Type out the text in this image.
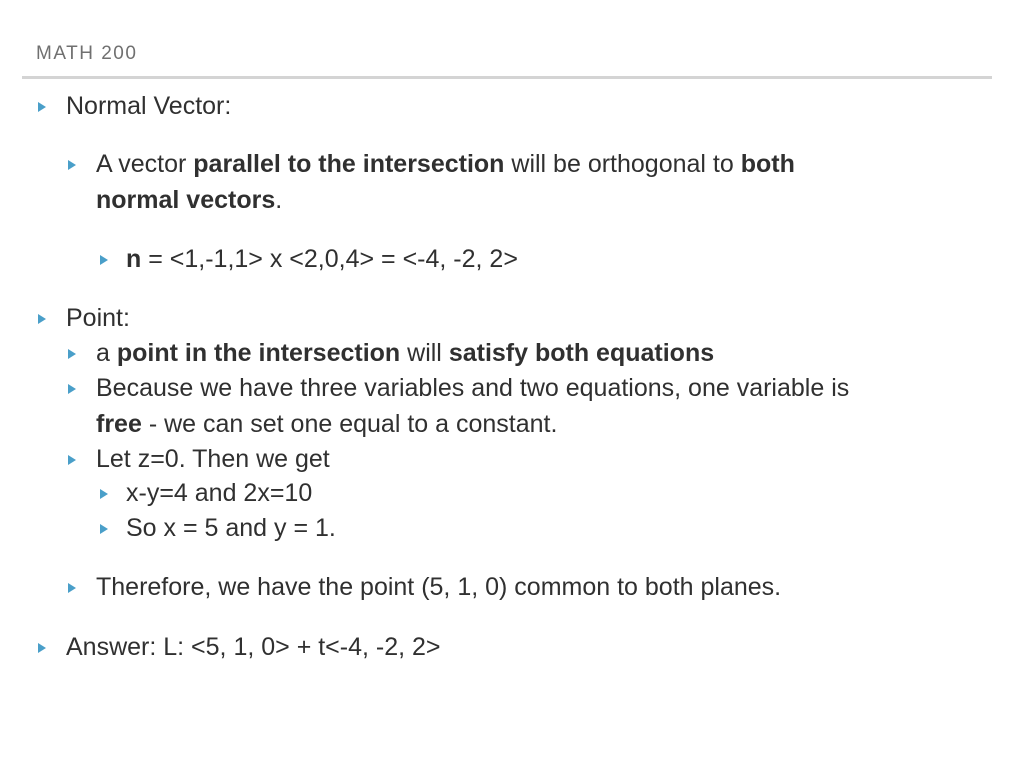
MATH 200
Normal Vector:
A vector parallel to the intersection will be orthogonal to both
normal vectors.
n = <1,-1,1> x <2,0,4> = <-4, -2, 2>
Point:
a point in the intersection will satisfy both equations
Because we have three variables and two equations, one variable is
free - we can set one equal to a constant.
Let z=0. Then we get
x-y=4 and 2x=10
So x = 5 and y = 1.
Therefore, we have the point (5, 1, 0) common to both planes.
Answer: L: <5, 1, 0> + t<-4, -2, 2>
